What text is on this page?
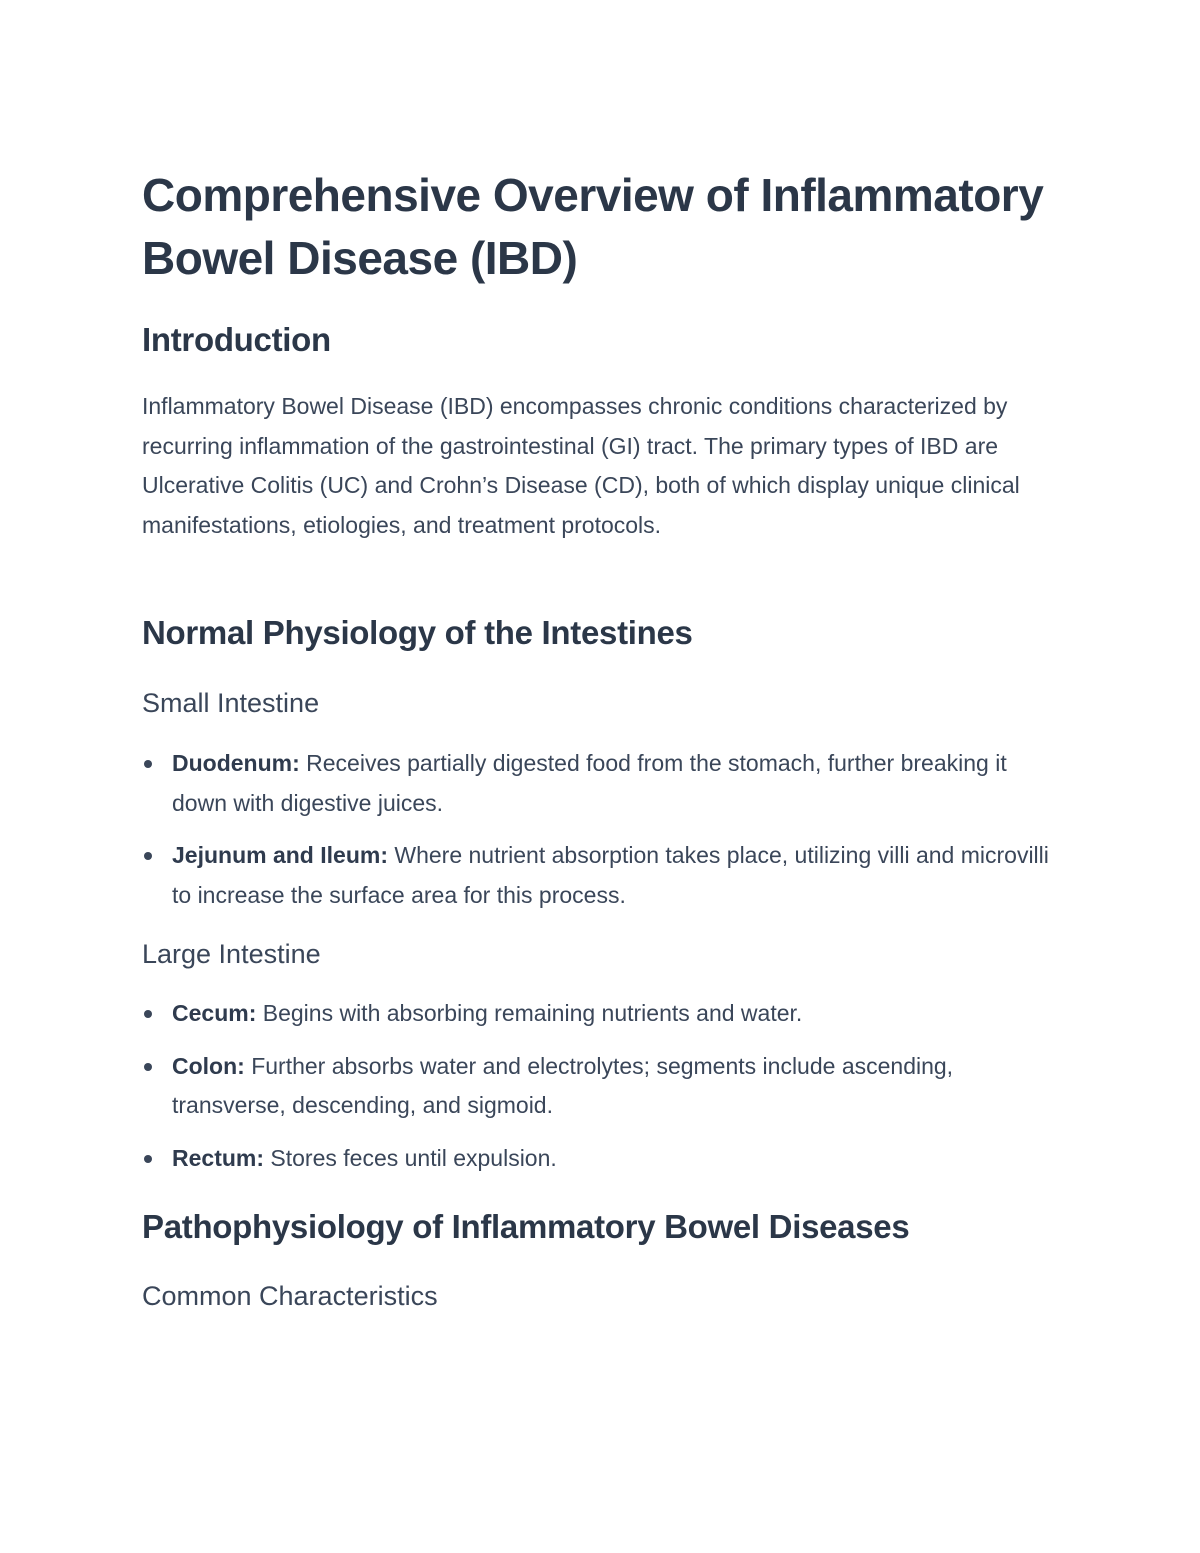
Comprehensive Overview of Inflammatory Bowel Disease (IBD)
Introduction

Inflammatory Bowel Disease (IBD) encompasses chronic conditions characterized by recurring inflammation of the gastrointestinal (GI) tract. The primary types of IBD are Ulcerative Colitis (UC) and Crohn’s Disease (CD), both of which display unique clinical manifestations, etiologies, and treatment protocols.

Normal Physiology of the Intestines
Small Intestine
Duodenum: Receives partially digested food from the stomach, further breaking it down with digestive juices.
Jejunum and Ileum: Where nutrient absorption takes place, utilizing villi and microvilli to increase the surface area for this process.
Large Intestine
Cecum: Begins with absorbing remaining nutrients and water.
Colon: Further absorbs water and electrolytes; segments include ascending, transverse, descending, and sigmoid.
Rectum: Stores feces until expulsion.
Pathophysiology of Inflammatory Bowel Diseases
Common Characteristics
